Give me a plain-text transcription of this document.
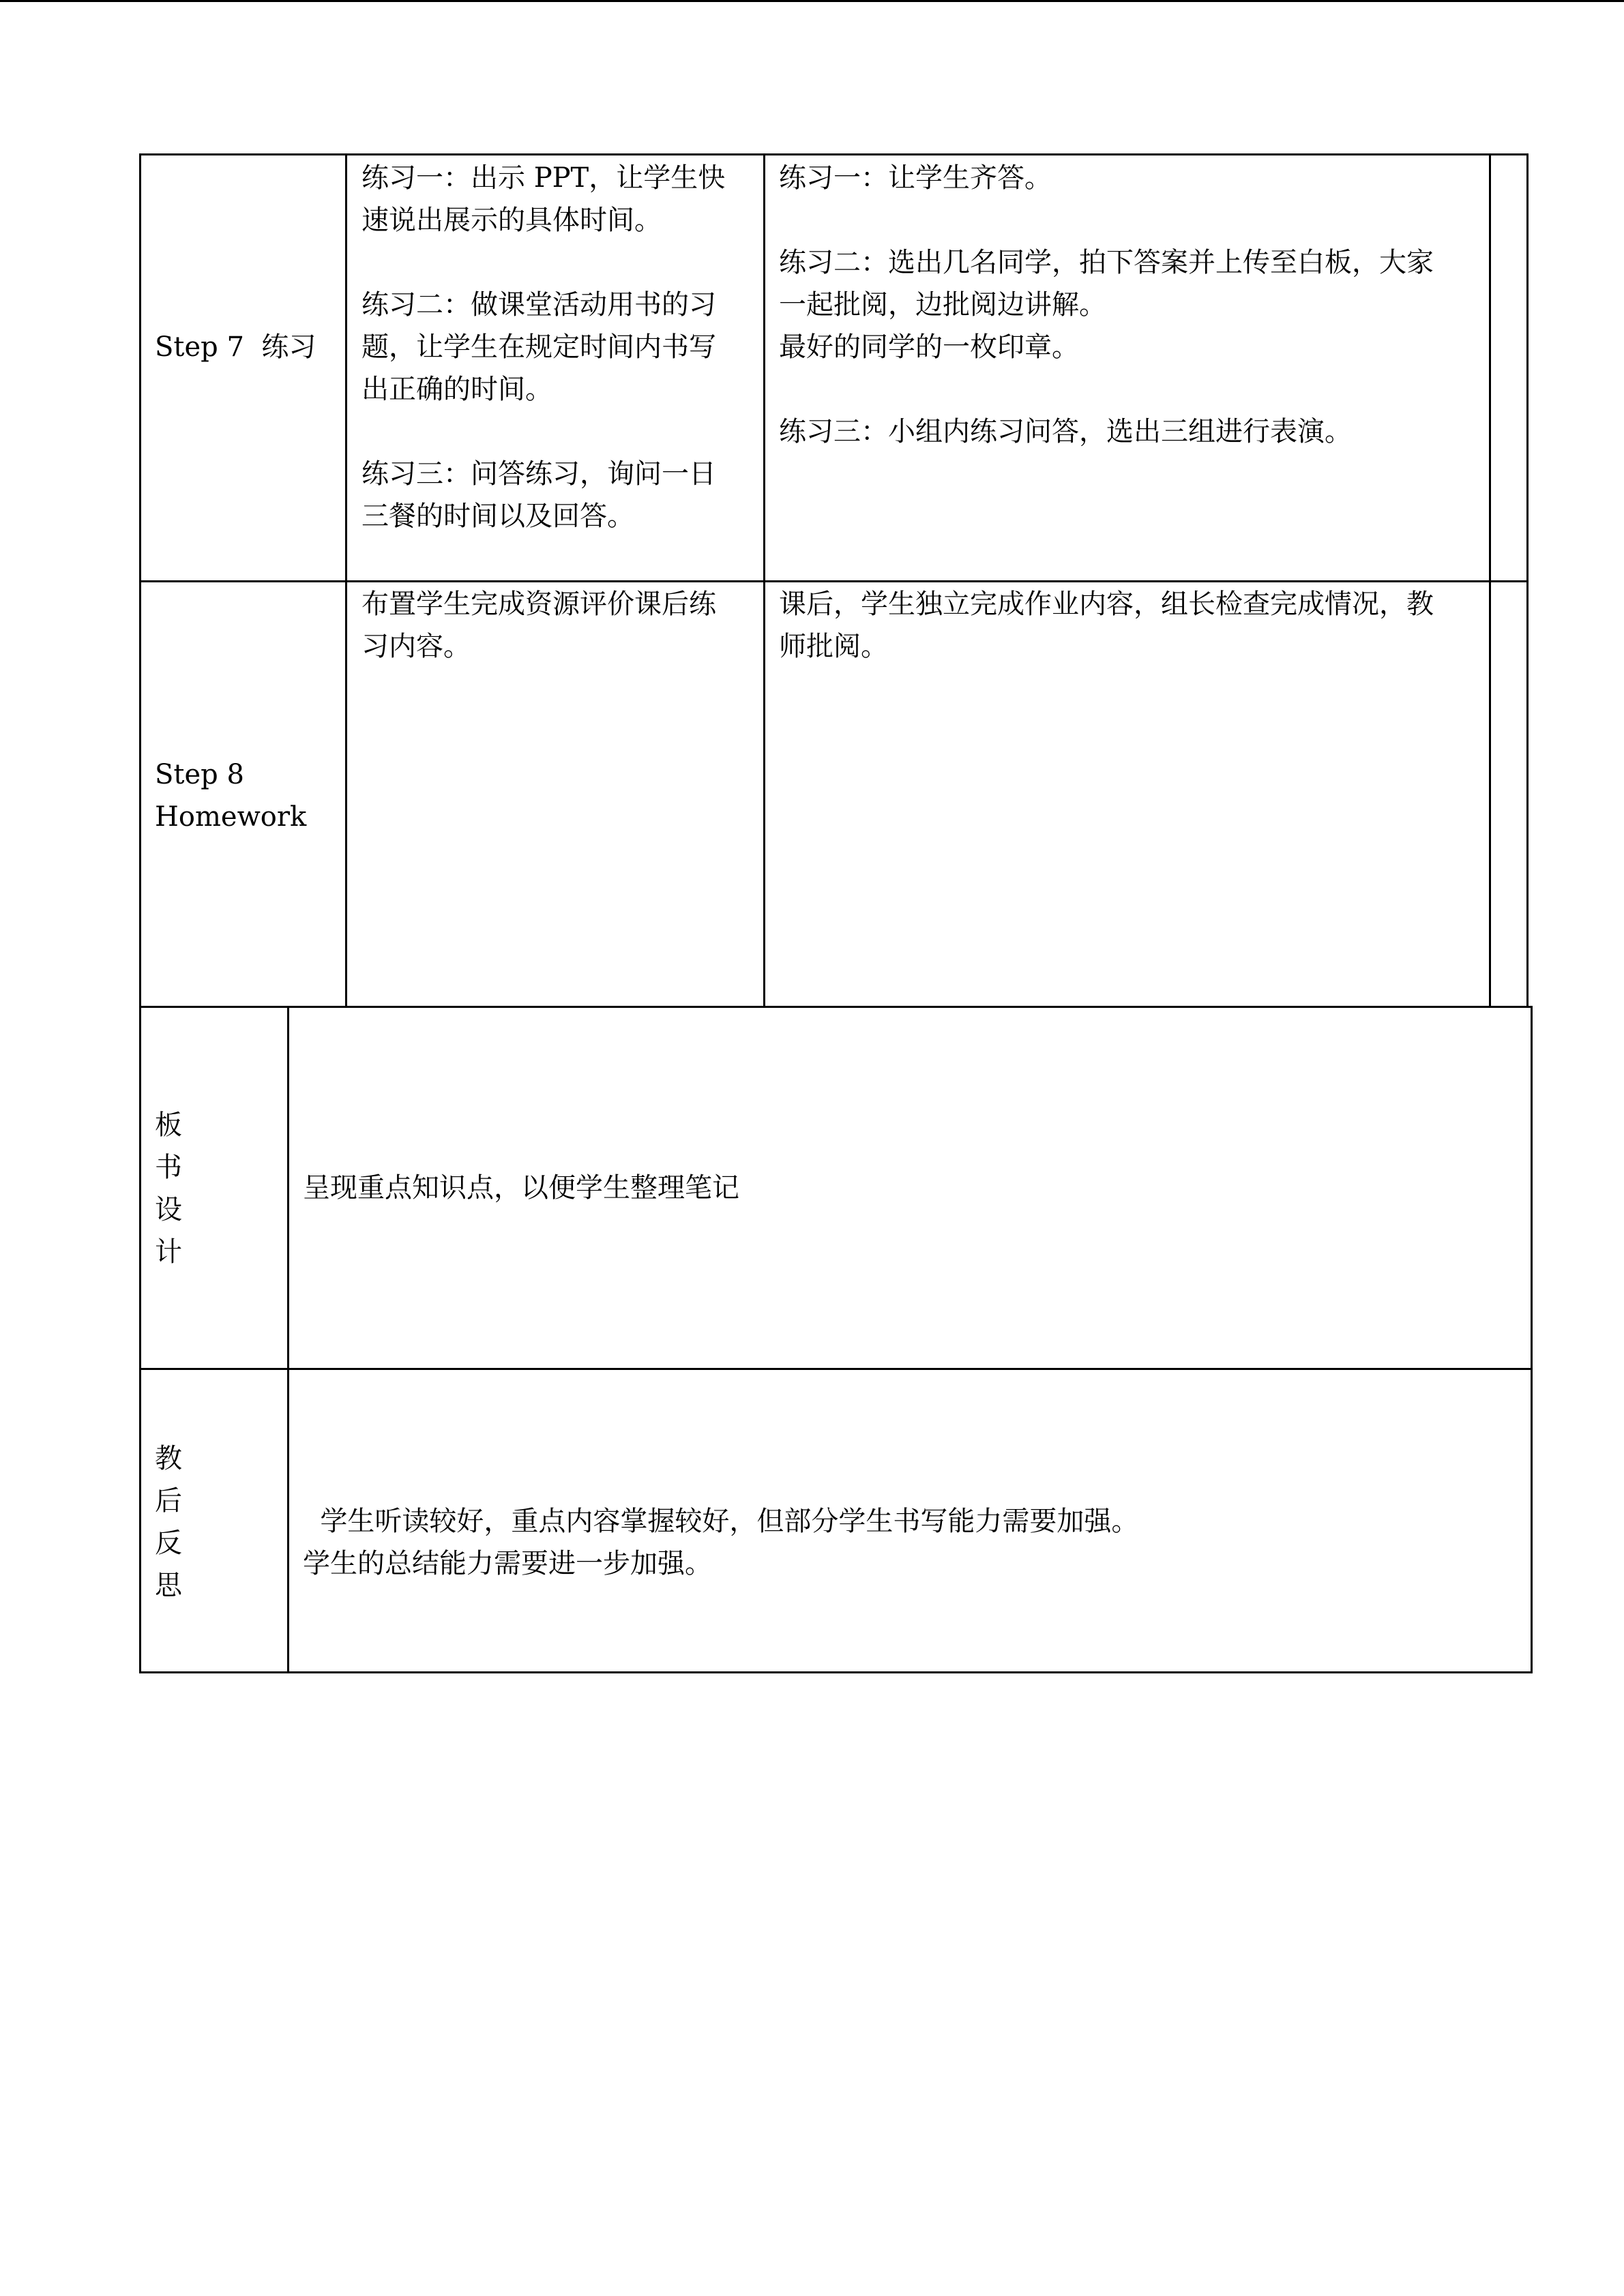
Step 7  练习
练习一：出示 PPT，让学生快
速说出展示的具体时间。
练习二：做课堂活动用书的习
题，让学生在规定时间内书写
出正确的时间。
练习三：问答练习，询问一日
三餐的时间以及回答。
练习一：让学生齐答。
练习二：选出几名同学，拍下答案并上传至白板，大家
一起批阅，边批阅边讲解。
最好的同学的一枚印章。
练习三：小组内练习问答，选出三组进行表演。
Step 8
Homework
布置学生完成资源评价课后练
习内容。
课后，学生独立完成作业内容，组长检查完成情况，教
师批阅。
板
书
设
计
呈现重点知识点，以便学生整理笔记
教
后
反
思
学生听读较好，重点内容掌握较好，但部分学生书写能力需要加强。
学生的总结能力需要进一步加强。
